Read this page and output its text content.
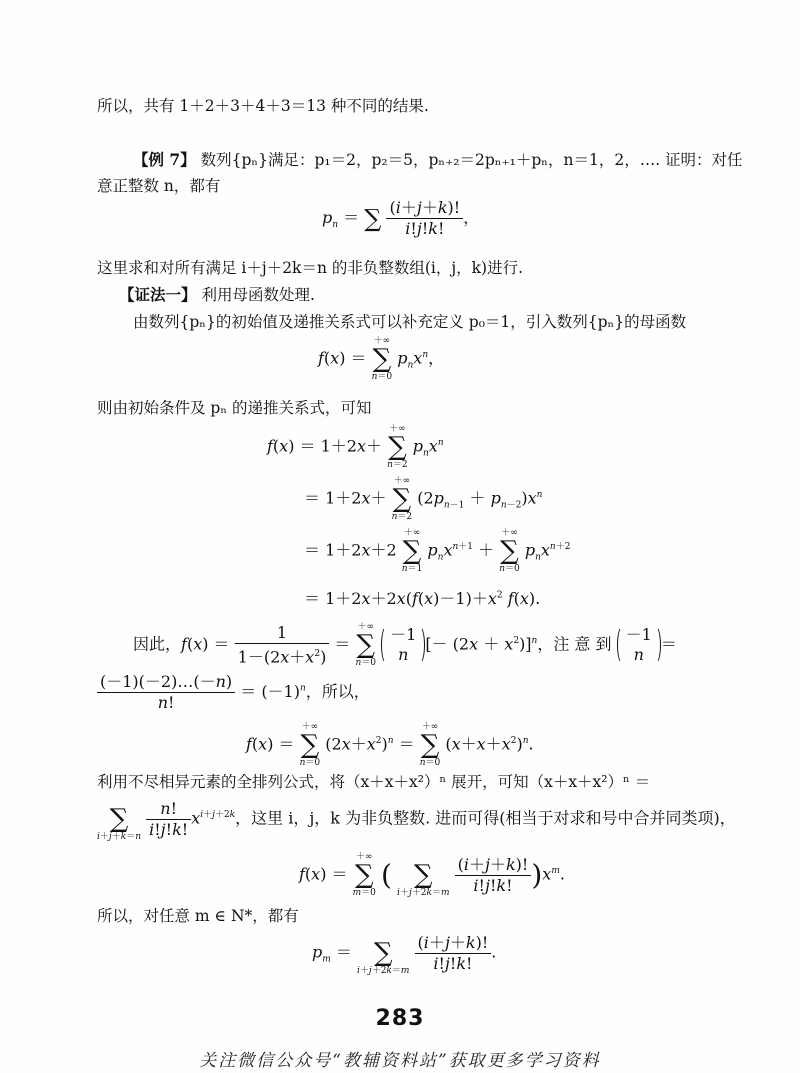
所以，共有 1＋2＋3＋4＋3＝13 种不同的结果.
【例 7】 数列{pₙ}满足：p₁＝2，p₂＝5，pₙ₊₂＝2pₙ₊₁＋pₙ，n＝1，2，…. 证明：对任
意正整数 n，都有
$p_n$ ＝ ∑ $\frac{(i+j+k)!}{i!j!k!}$ ，
这里求和对所有满足 i＋j＋2k＝n 的非负整数组(i，j，k)进行.
【证法一】 利用母函数处理.
由数列{pₙ}的初始值及递推关系式可以补充定义 p₀＝1，引入数列{pₙ}的母函数
f(x) ＝
＋∞
∑
n＝0
$p_nx^n$，
则由初始条件及 pₙ 的递推关系式，可知
f(x) ＝ 1＋2x＋
＋∞
∑
n＝2
$p_nx^n$
＝ 1＋2x＋
＋∞
∑
n＝2
$(2p_{n-1} + p_{n-2})x^n$
＝ 1＋2x＋2
＋∞
∑
n＝1
$p_nx^{n+1}$ ＋
＋∞
∑
n＝0
$p_nx^{n+2}$
＝ $1+2x+2x(f(x)-1)+x^2$ f(x).
因此，$f(x) = \frac{1}{1-(2x+x^2)}$ ＝
＋∞
∑
n＝0

－1
n
[－ $(2x + x^2)]^n$，注 意 到 －1
n
＝
$\frac{(-1)(-2)\dots(-n)}{n!} = (-1)^n$，所以，
f(x) ＝
＋∞
∑
n＝0
$(2x+x^2)^n$ ＝
＋∞
∑
n＝0
$(x+x+x^2)^n$.
利用不尽相异元素的全排列公式，将（x＋x＋x²）ⁿ 展开，可知（x＋x＋x²）ⁿ ＝

∑
i＋j＋k＝n
$\frac{n!}{i!j!k!} x^{i+j+2k}$，这里 i，j，k 为非负整数. 进而可得(相当于对求和号中合并同类项)，
f(x) ＝
＋∞
∑
m＝0
(
∑
i＋j＋2k＝m
$\frac{(i+j+k)!}{i!j!k!} )x^m$.
所以，对任意 m ∈ N*，都有
$p_m$ ＝
∑
i＋j＋2k＝m
$\frac{(i+j+k)!}{i!j!k!}$ .
283
关注微信公众号“教辅资料站”获取更多学习资料
